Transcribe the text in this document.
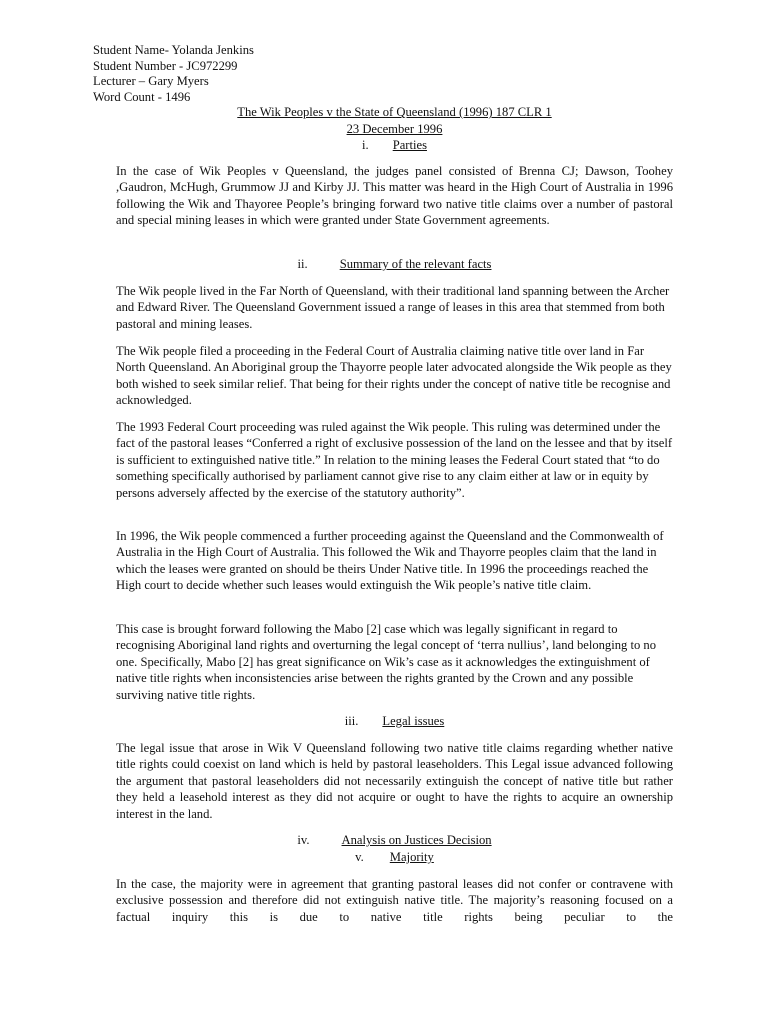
Student Name- Yolanda Jenkins
Student Number - JC972299
Lecturer – Gary Myers
Word Count - 1496
The Wik Peoples v the State of Queensland (1996) 187 CLR 1
23 December 1996
i. Parties

In the case of Wik Peoples v Queensland, the judges panel consisted of Brenna CJ; Dawson, Toohey ,Gaudron, McHugh, Grummow JJ and Kirby JJ. This matter was heard in the High Court of Australia in 1996 following the Wik and Thayoree People’s bringing forward two native title claims over a number of pastoral and special mining leases in which were granted under State Government agreements.

ii.	Summary of the relevant facts

The Wik people lived in the Far North of Queensland, with their traditional land spanning between the Archer and Edward River. The Queensland Government issued a range of leases in this area that stemmed from both pastoral and mining leases.

The Wik people filed a proceeding in the Federal Court of Australia claiming native title over land in Far North Queensland. An Aboriginal group the Thayorre people later advocated alongside the Wik people as they both wished to seek similar relief. That being for their rights under the concept of native title be recognise and acknowledged.

The 1993 Federal Court proceeding was ruled against the Wik people. This ruling was determined under the fact of the pastoral leases “Conferred a right of exclusive possession of the land on the lessee and that by itself is sufficient to extinguished native title.” In relation to the mining leases the Federal Court stated that “to do something specifically authorised by parliament cannot give rise to any claim either at law or in equity by persons adversely affected by the exercise of the statutory authority”.

In 1996, the Wik people commenced a further proceeding against the Queensland and the Commonwealth of Australia in the High Court of Australia. This followed the Wik and Thayorre peoples claim that the land in which the leases were granted on should be theirs Under Native title. In 1996 the proceedings reached the High court to decide whether such leases would extinguish the Wik people’s native title claim.

This case is brought forward following the Mabo [2] case which was legally significant in regard to recognising Aboriginal land rights and overturning the legal concept of ‘terra nullius’, land belonging to no one. Specifically, Mabo [2] has great significance on Wik’s case as it acknowledges the extinguishment of native title rights when inconsistencies arise between the rights granted by the Crown and any possible surviving native title rights.

iii. Legal issues

The legal issue that arose in Wik V Queensland following two native title claims regarding whether native title rights could coexist on land which is held by pastoral leaseholders. This Legal issue advanced following the argument that pastoral leaseholders did not necessarily extinguish the concept of native title but rather they held a leasehold interest as they did not acquire or ought to have the rights to acquire an ownership interest in the land.

iv.	Analysis on Justices Decision
v. Majority

In the case, the majority were in agreement that granting pastoral leases did not confer or contravene with exclusive possession and therefore did not extinguish native title. The majority’s reasoning focused on a factual inquiry this is due to native title rights being peculiar to the
